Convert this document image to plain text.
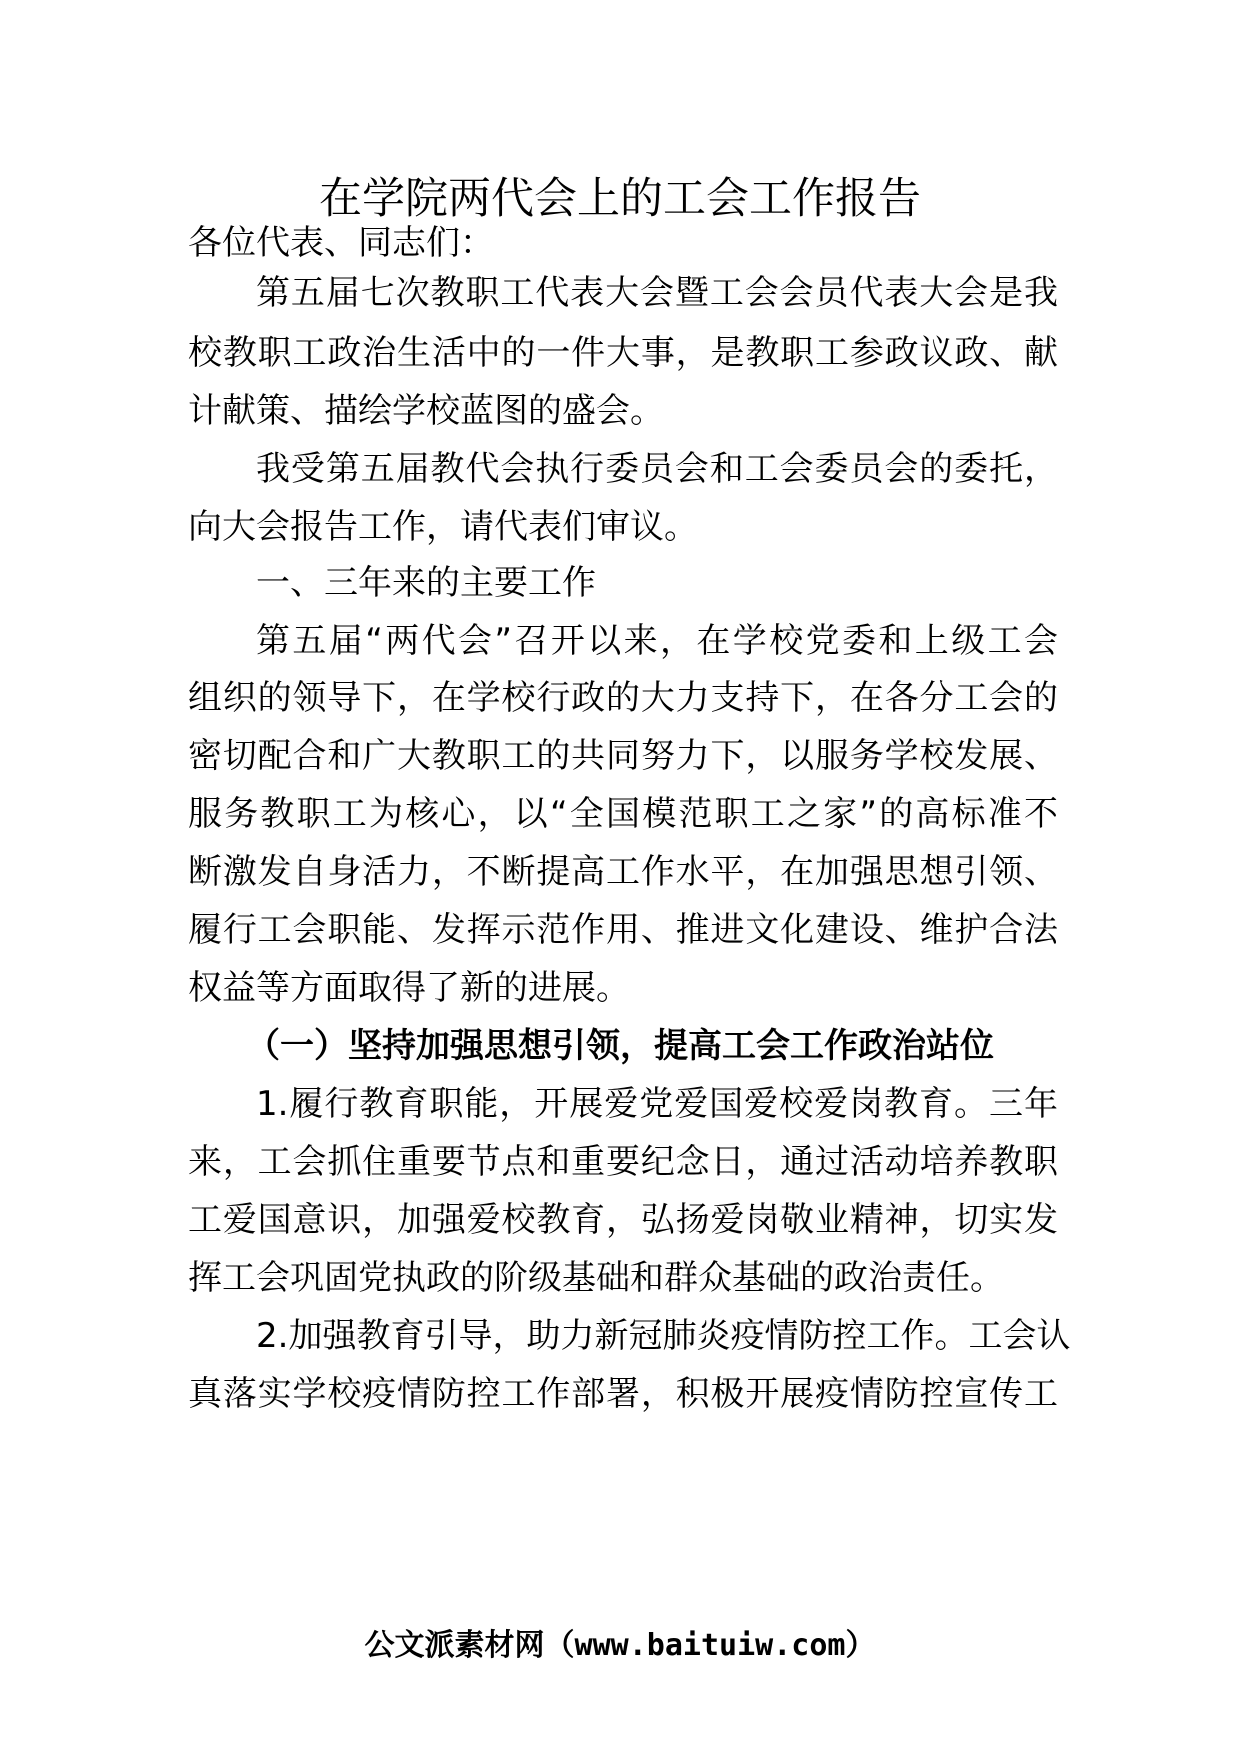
在学院两代会上的工会工作报告

各位代表、同志们：

第五届七次教职工代表大会暨工会会员代表大会是我

校教职工政治生活中的一件大事，是教职工参政议政、献

计献策、描绘学校蓝图的盛会。

我受第五届教代会执行委员会和工会委员会的委托，

向大会报告工作，请代表们审议。

一、三年来的主要工作

第五届“两代会”召开以来，在学校党委和上级工会

组织的领导下，在学校行政的大力支持下，在各分工会的

密切配合和广大教职工的共同努力下，以服务学校发展、

服务教职工为核心，以“全国模范职工之家”的高标准不

断激发自身活力，不断提高工作水平，在加强思想引领、

履行工会职能、发挥示范作用、推进文化建设、维护合法

权益等方面取得了新的进展。

（一）坚持加强思想引领，提高工会工作政治站位

1.履行教育职能，开展爱党爱国爱校爱岗教育。三年

来，工会抓住重要节点和重要纪念日，通过活动培养教职

工爱国意识，加强爱校教育，弘扬爱岗敬业精神，切实发

挥工会巩固党执政的阶级基础和群众基础的政治责任。

2.加强教育引导，助力新冠肺炎疫情防控工作。工会认

真落实学校疫情防控工作部署，积极开展疫情防控宣传工

公文派素材网（www.baituiw.com）
